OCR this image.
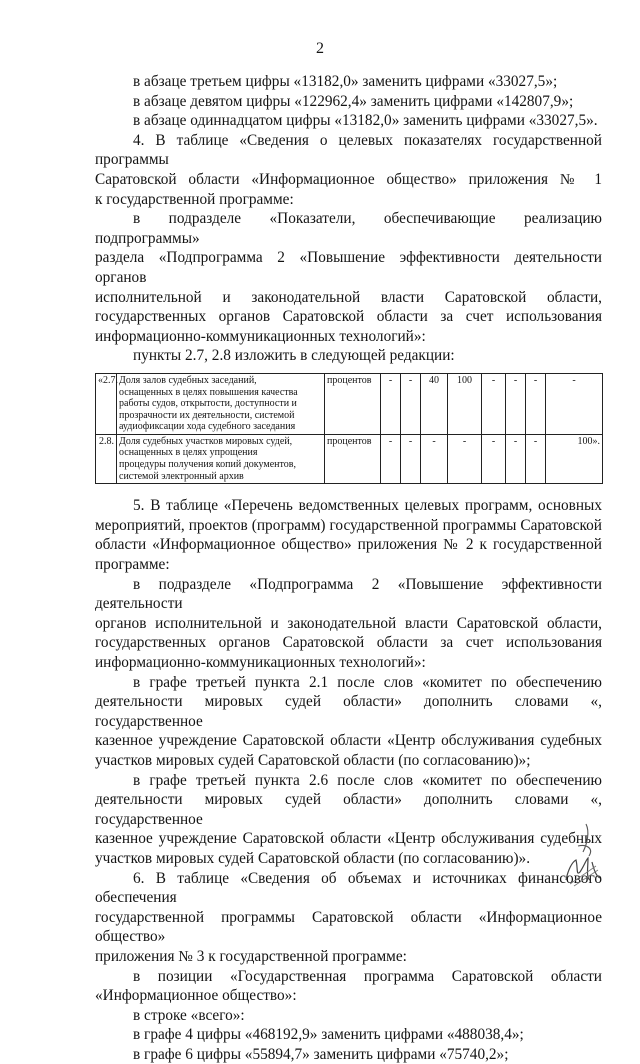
2

в абзаце третьем цифры «13182,0» заменить цифрами «33027,5»;

в абзаце девятом цифры «122962,4» заменить цифрами «142807,9»;

в абзаце одиннадцатом цифры «13182,0» заменить цифрами «33027,5».

4. В таблице «Сведения о целевых показателях государственной программы

Саратовской области «Информационное общество» приложения № 1

к государственной программе:

в подразделе «Показатели, обеспечивающие реализацию подпрограммы»

раздела «Подпрограмма 2 «Повышение эффективности деятельности органов

исполнительной и законодательной власти Саратовской области,

государственных органов Саратовской области за счет использования

информационно-коммуникационных технологий»:

пункты 2.7, 2.8 изложить в следующей редакции:

«2.7.	Доля залов судебных заседаний,
оснащенных в целях повышения качества
работы судов, открытости, доступности и
прозрачности их деятельности, системой
аудиофиксации хода судебного заседания	процентов	-	-	40	100	-	-	-	-
2.8.	Доля судебных участков мировых судей,
оснащенных в целях упрощения
процедуры получения копий документов,
системой электронный архив	процентов	-	-	-	-	-	-	-	100».

5. В таблице «Перечень ведомственных целевых программ, основных

мероприятий, проектов (программ) государственной программы Саратовской

области «Информационное общество» приложения № 2 к государственной

программе:

в подразделе «Подпрограмма 2 «Повышение эффективности деятельности

органов исполнительной и законодательной власти Саратовской области,

государственных органов Саратовской области за счет использования

информационно-коммуникационных технологий»:

в графе третьей пункта 2.1 после слов «комитет по обеспечению

деятельности мировых судей области» дополнить словами «, государственное

казенное учреждение Саратовской области «Центр обслуживания судебных

участков мировых судей Саратовской области (по согласованию)»;

в графе третьей пункта 2.6 после слов «комитет по обеспечению

деятельности мировых судей области» дополнить словами «, государственное

казенное учреждение Саратовской области «Центр обслуживания судебных

участков мировых судей Саратовской области (по согласованию)».

6. В таблице «Сведения об объемах и источниках финансового обеспечения

государственной программы Саратовской области «Информационное общество»

приложения № 3 к государственной программе:

в позиции «Государственная программа Саратовской области

«Информационное общество»:

в строке «всего»:

в графе 4 цифры «468192,9» заменить цифрами «488038,4»;

в графе 6 цифры «55894,7» заменить цифрами «75740,2»;
